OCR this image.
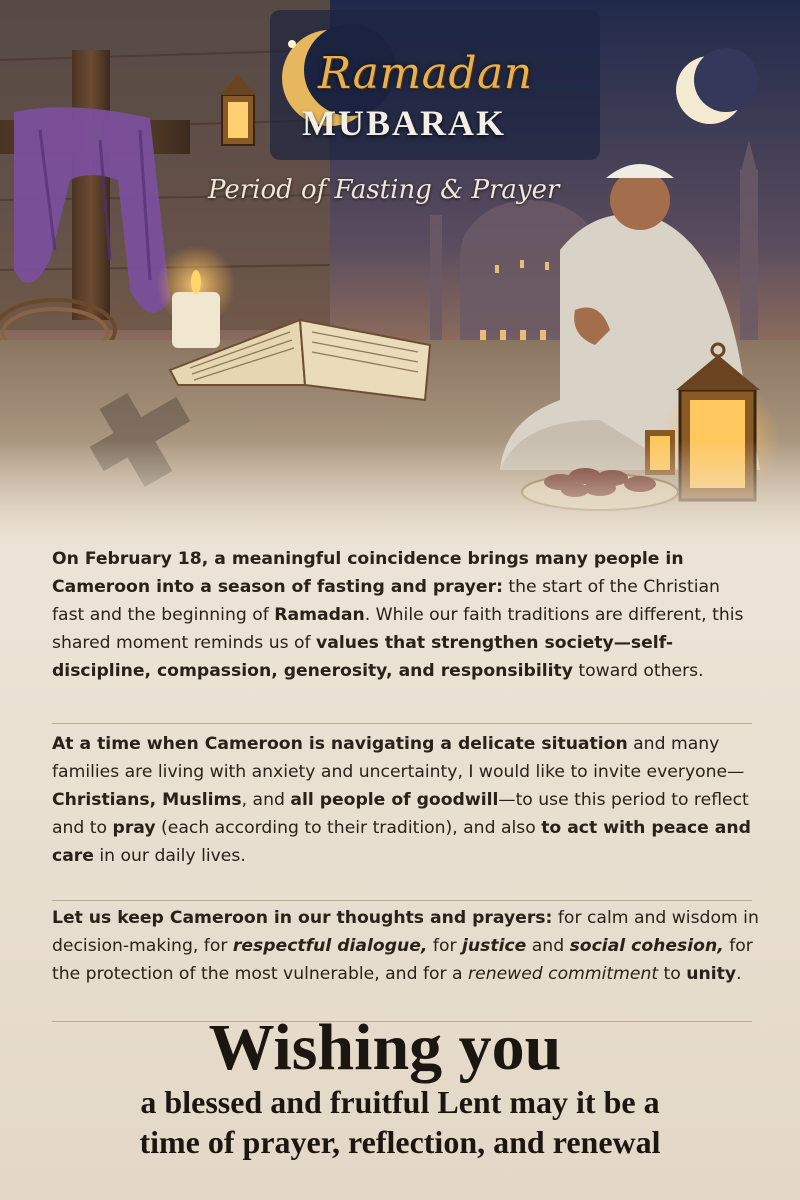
Ramadan
MUBARAK
Period of Fasting & Prayer

On February 18, a meaningful coincidence brings many people in Cameroon into a season of fasting and prayer: the start of the Christian fast and the beginning of Ramadan. While our faith traditions are different, this shared moment reminds us of values that strengthen society—self-discipline, compassion, generosity, and responsibility toward others.

At a time when Cameroon is navigating a delicate situation and many families are living with anxiety and uncertainty, I would like to invite everyone—Christians, Muslims, and all people of goodwill—to use this period to reflect and to pray (each according to their tradition), and also to act with peace and care in our daily lives.

Let us keep Cameroon in our thoughts and prayers: for calm and wisdom in decision-making, for respectful dialogue, for justice and social cohesion, for the protection of the most vulnerable, and for a renewed commitment to unity.

Wishing you
a blessed and fruitful Lent may it be a
time of prayer, reflection, and renewal
